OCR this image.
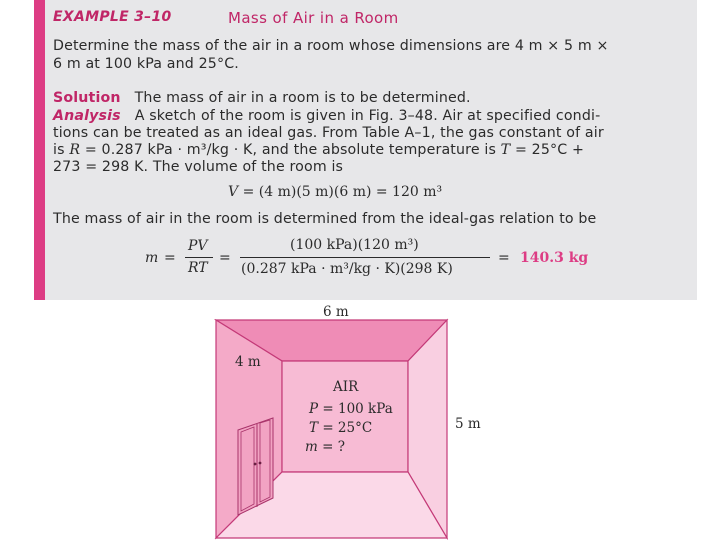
EXAMPLE 3–10	Mass of Air in a Room
Determine the mass of the air in a room whose dimensions are 4 m × 5 m ×
6 m at 100 kPa and 25°C.
Solution The mass of air in a room is to be determined.
Analysis A sketch of the room is given in Fig. 3–48. Air at specified condi-
tions can be treated as an ideal gas. From Table A–1, the gas constant of air
is R = 0.287 kPa · m³/kg · K, and the absolute temperature is T = 25°C +
273 = 298 K. The volume of the room is
V = (4 m)(5 m)(6 m) = 120 m³
The mass of air in the room is determined from the ideal-gas relation to be
m =
PV
RT
=
(100 kPa)(120 m³)
(0.287 kPa · m³/kg · K)(298 K)
= 140.3 kg
6 m
4 m
5 m
AIR
P = 100 kPa
T = 25°C
m = ?
